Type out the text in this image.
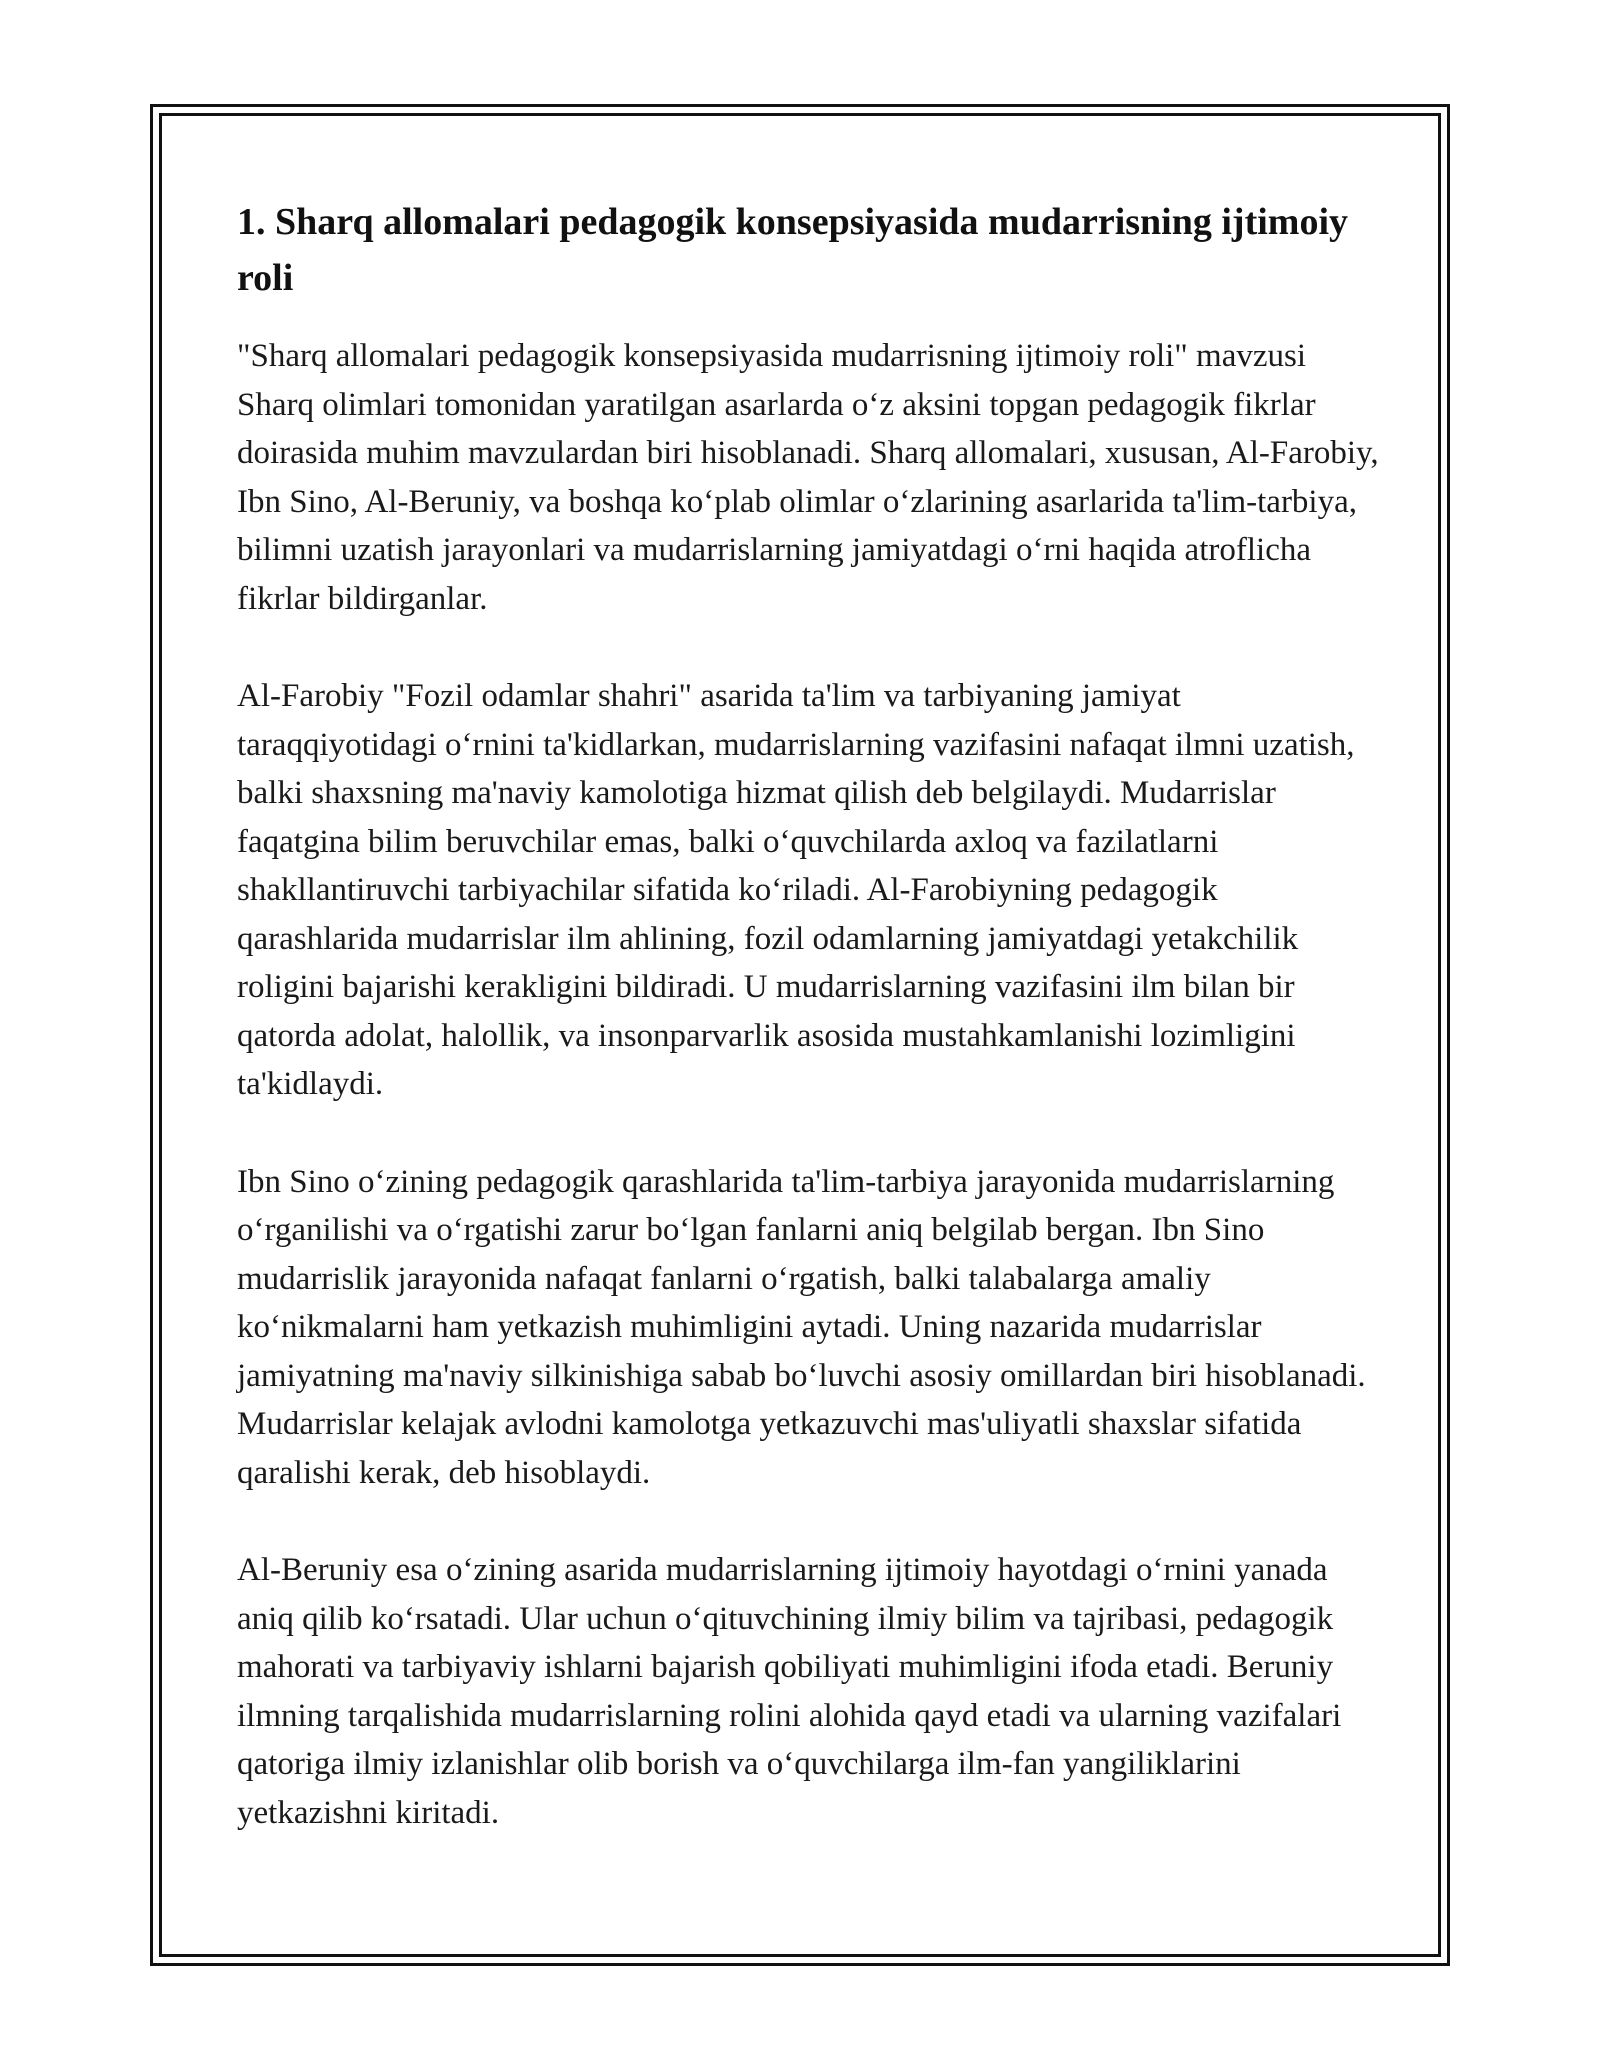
1. Sharq allomalari pedagogik konsepsiyasida mudarrisning ijtimoiy roli

"Sharq allomalari pedagogik konsepsiyasida mudarrisning ijtimoiy roli" mavzusi Sharq olimlari tomonidan yaratilgan asarlarda oʻz aksini topgan pedagogik fikrlar doirasida muhim mavzulardan biri hisoblanadi. Sharq allomalari, xususan, Al-Farobiy, Ibn Sino, Al-Beruniy, va boshqa koʻplab olimlar oʻzlarining asarlarida ta'lim-tarbiya, bilimni uzatish jarayonlari va mudarrislarning jamiyatdagi oʻrni haqida atroflicha fikrlar bildirganlar.

Al-Farobiy "Fozil odamlar shahri" asarida ta'lim va tarbiyaning jamiyat taraqqiyotidagi oʻrnini ta'kidlarkan, mudarrislarning vazifasini nafaqat ilmni uzatish, balki shaxsning ma'naviy kamolotiga hizmat qilish deb belgilaydi. Mudarrislar faqatgina bilim beruvchilar emas, balki oʻquvchilarda axloq va fazilatlarni shakllantiruvchi tarbiyachilar sifatida koʻriladi. Al-Farobiyning pedagogik qarashlarida mudarrislar ilm ahlining, fozil odamlarning jamiyatdagi yetakchilik roligini bajarishi kerakligini bildiradi. U mudarrislarning vazifasini ilm bilan bir qatorda adolat, halollik, va insonparvarlik asosida mustahkamlanishi lozimligini ta'kidlaydi.

Ibn Sino oʻzining pedagogik qarashlarida ta'lim-tarbiya jarayonida mudarrislarning oʻrganilishi va oʻrgatishi zarur boʻlgan fanlarni aniq belgilab bergan. Ibn Sino mudarrislik jarayonida nafaqat fanlarni oʻrgatish, balki talabalarga amaliy koʻnikmalarni ham yetkazish muhimligini aytadi. Uning nazarida mudarrislar jamiyatning ma'naviy silkinishiga sabab boʻluvchi asosiy omillardan biri hisoblanadi. Mudarrislar kelajak avlodni kamolotga yetkazuvchi mas'uliyatli shaxslar sifatida qaralishi kerak, deb hisoblaydi.

Al-Beruniy esa oʻzining asarida mudarrislarning ijtimoiy hayotdagi oʻrnini yanada aniq qilib koʻrsatadi. Ular uchun oʻqituvchining ilmiy bilim va tajribasi, pedagogik mahorati va tarbiyaviy ishlarni bajarish qobiliyati muhimligini ifoda etadi. Beruniy ilmning tarqalishida mudarrislarning rolini alohida qayd etadi va ularning vazifalari qatoriga ilmiy izlanishlar olib borish va oʻquvchilarga ilm-fan yangiliklarini yetkazishni kiritadi.
